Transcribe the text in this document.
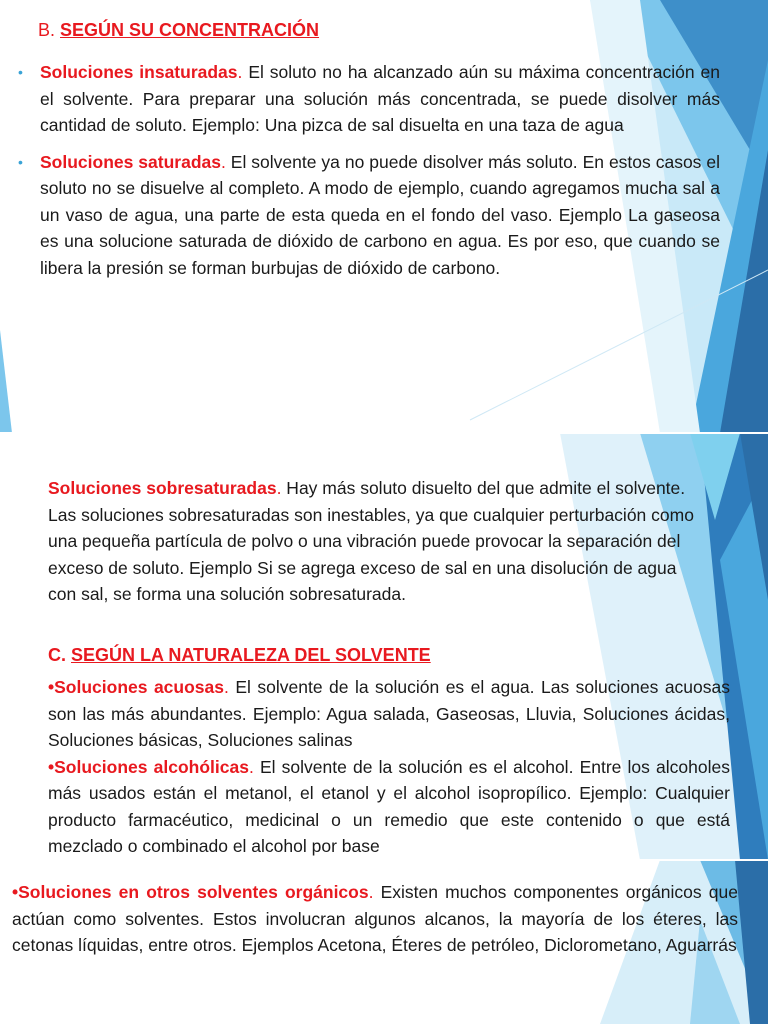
B. SEGÚN SU CONCENTRACIÓN

• Soluciones insaturadas. El soluto no ha alcanzado aún su máxima concentración en el solvente. Para preparar una solución más concentrada, se puede disolver más cantidad de soluto. Ejemplo: Una pizca de sal disuelta en una taza de agua

• Soluciones saturadas. El solvente ya no puede disolver más soluto. En estos casos el soluto no se disuelve al completo. A modo de ejemplo, cuando agregamos mucha sal a un vaso de agua, una parte de esta queda en el fondo del vaso. Ejemplo La gaseosa es una solucione saturada de dióxido de carbono en agua. Es por eso, que cuando se libera la presión se forman burbujas de dióxido de carbono.

Soluciones sobresaturadas. Hay más soluto disuelto del que admite el solvente. Las soluciones sobresaturadas son inestables, ya que cualquier perturbación como una pequeña partícula de polvo o una vibración puede provocar la separación del exceso de soluto. Ejemplo Si se agrega exceso de sal en una disolución de agua con sal, se forma una solución sobresaturada.

C. SEGÚN LA NATURALEZA DEL SOLVENTE

•Soluciones acuosas. El solvente de la solución es el agua. Las soluciones acuosas son las más abundantes. Ejemplo: Agua salada, Gaseosas, Lluvia, Soluciones ácidas, Soluciones básicas, Soluciones salinas

•Soluciones alcohólicas. El solvente de la solución es el alcohol. Entre los alcoholes más usados están el metanol, el etanol y el alcohol isopropílico. Ejemplo: Cualquier producto farmacéutico, medicinal o un remedio que este contenido o que está mezclado o combinado el alcohol por base

•Soluciones en otros solventes orgánicos. Existen muchos componentes orgánicos que actúan como solventes. Estos involucran algunos alcanos, la mayoría de los éteres, las cetonas líquidas, entre otros. Ejemplos Acetona, Éteres de petróleo, Diclorometano, Aguarrás
